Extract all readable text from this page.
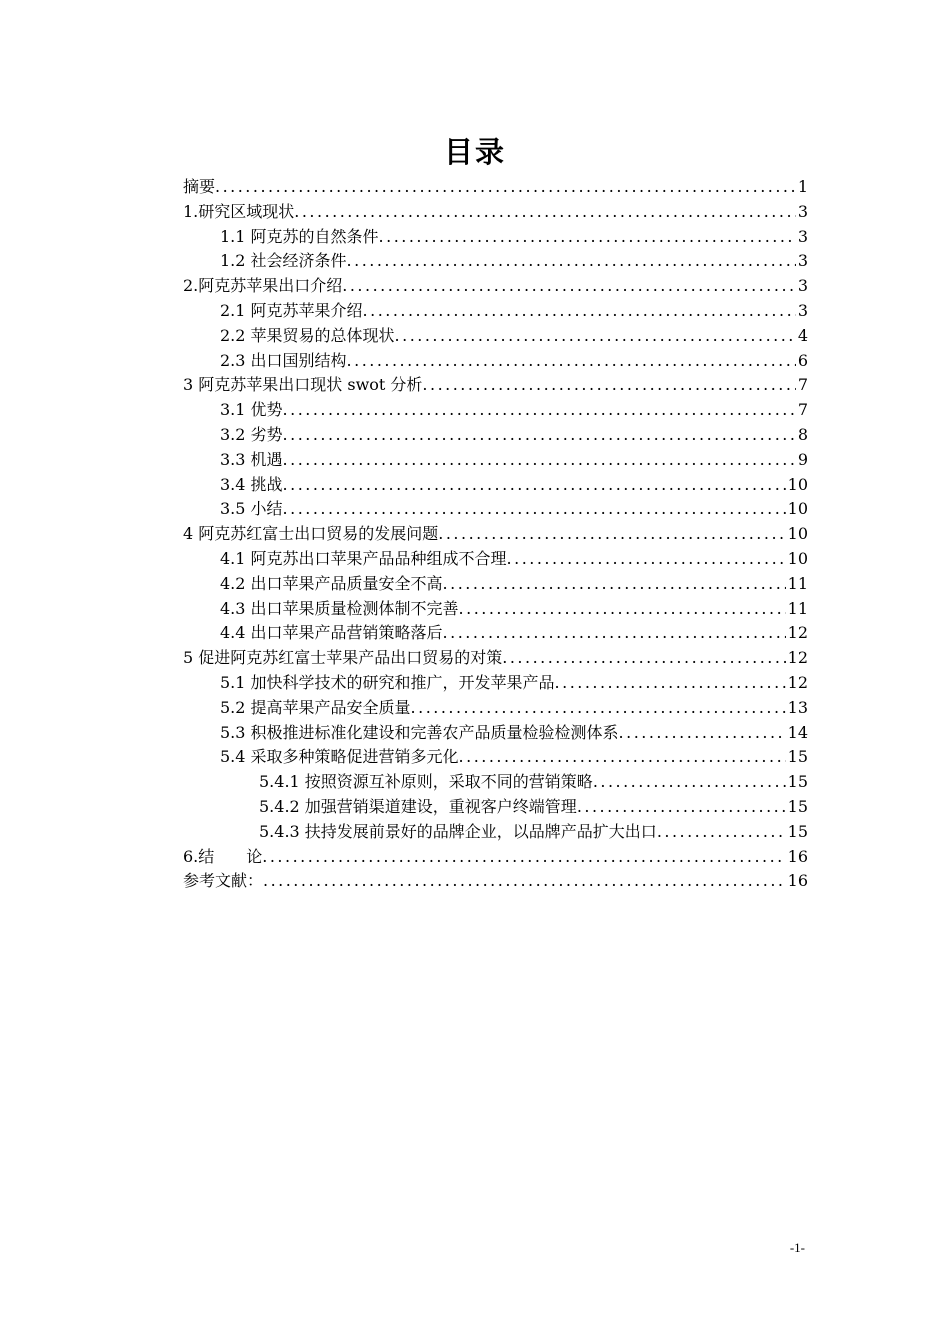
目录
摘要 . . .	1
1.研究区域现状 . . .	3
1.1 阿克苏的自然条件 . . .	3
1.2 社会经济条件 . . .	3
2.阿克苏苹果出口介绍 . . .	3
2.1 阿克苏苹果介绍 . . .	3
2.2 苹果贸易的总体现状 . . .	4
2.3 出口国别结构 . . .	6
3 阿克苏苹果出口现状 swot 分析 . . .	7
3.1 优势 . . .	7
3.2 劣势 . . .	8
3.3 机遇 . . .	9
3.4 挑战 . . .	10
3.5 小结 . . .	10
4 阿克苏红富士出口贸易的发展问题 . . .	10
4.1 阿克苏出口苹果产品品种组成不合理 . . .	10
4.2 出口苹果产品质量安全不高 . . .	11
4.3 出口苹果质量检测体制不完善 . . .	11
4.4 出口苹果产品营销策略落后 . . .	12
5 促进阿克苏红富士苹果产品出口贸易的对策 . . .	12
5.1 加快科学技术的研究和推广，开发苹果产品 . . .	12
5.2 提高苹果产品安全质量 . . .	13
5.3 积极推进标准化建设和完善农产品质量检验检测体系 . . .	14
5.4 采取多种策略促进营销多元化 . . .	15
5.4.1 按照资源互补原则，采取不同的营销策略 . . .	15
5.4.2 加强营销渠道建设，重视客户终端管理 . . .	15
5.4.3 扶持发展前景好的品牌企业，以品牌产品扩大出口 . . .	15
6.结　　论 . . .	16
参考文献： . . .	16
-1-
